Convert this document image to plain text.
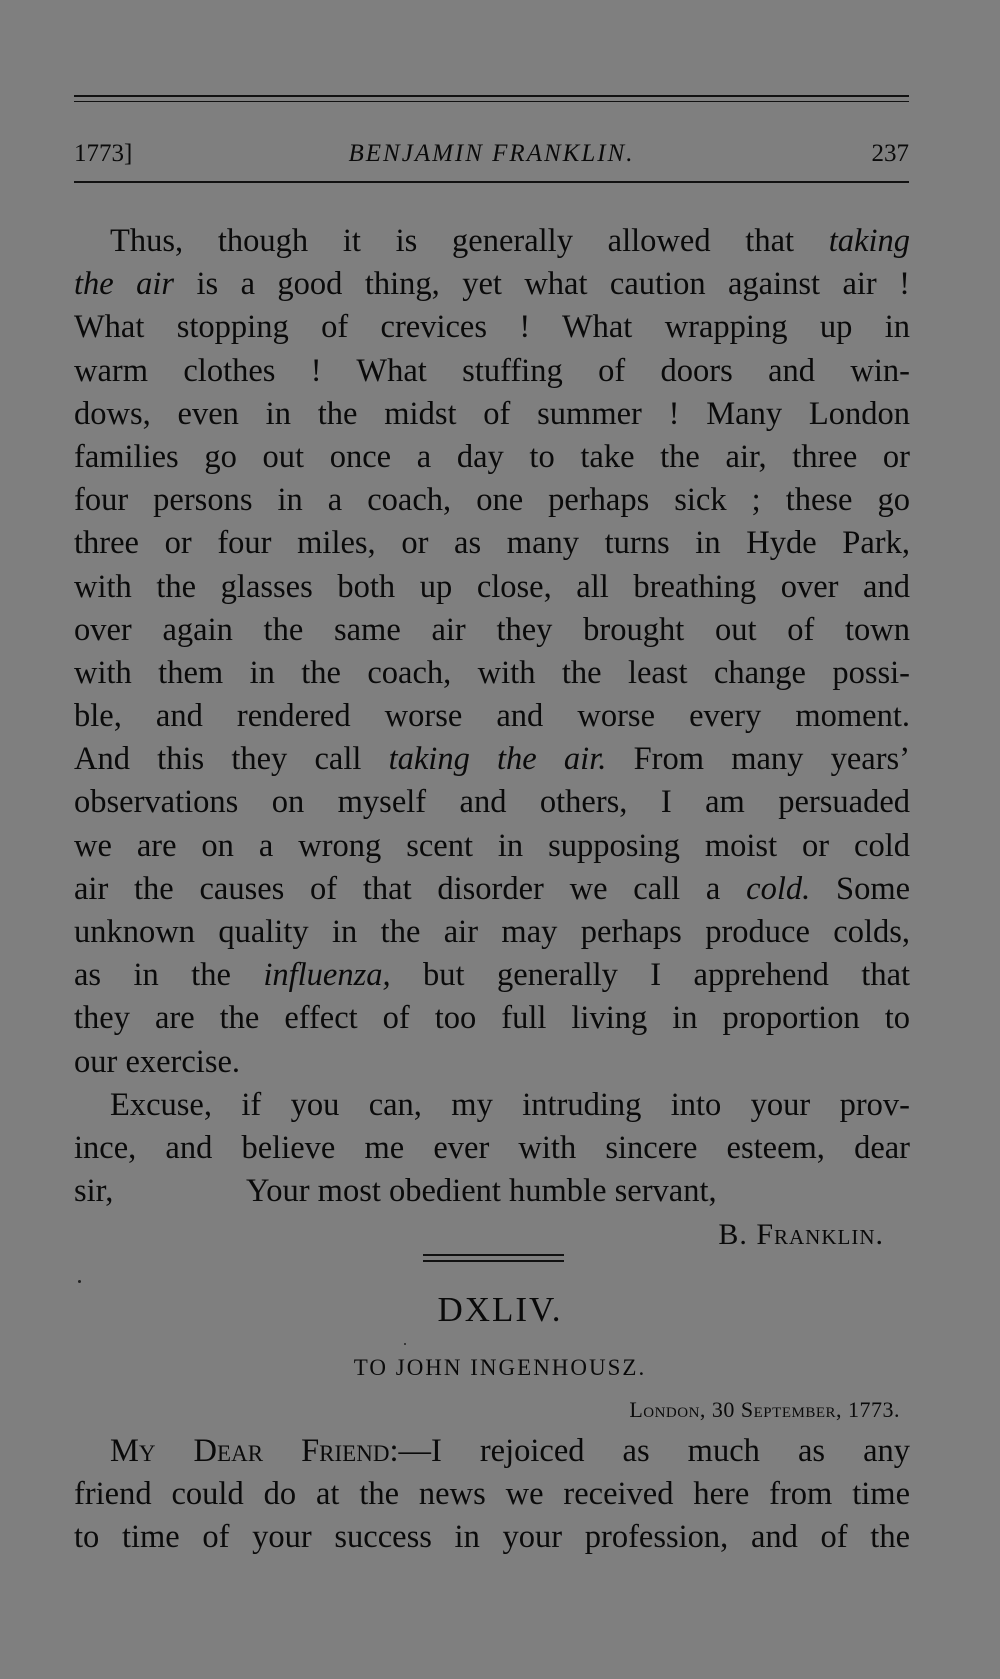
1773]	BENJAMIN FRANKLIN.	237
Thus, though it is generally allowed that taking
the air is a good thing, yet what caution against air !
What stopping of crevices ! What wrapping up in
warm clothes ! What stuffing of doors and win-
dows, even in the midst of summer ! Many London
families go out once a day to take the air, three or
four persons in a coach, one perhaps sick ; these go
three or four miles, or as many turns in Hyde Park,
with the glasses both up close, all breathing over and
over again the same air they brought out of town
with them in the coach, with the least change possi-
ble, and rendered worse and worse every moment.
And this they call taking the air. From many years’
observations on myself and others, I am persuaded
we are on a wrong scent in supposing moist or cold
air the causes of that disorder we call a cold. Some
unknown quality in the air may perhaps produce colds,
as in the influenza, but generally I apprehend that
they are the effect of too full living in proportion to
our exercise.
Excuse, if you can, my intruding into your prov-
ince, and believe me ever with sincere esteem, dear
sir,	Your most obedient humble servant,
B. Franklin.
DXLIV.
TO JOHN INGENHOUSZ.
London, 30 September, 1773.
My Dear Friend:—I rejoiced as much as any
friend could do at the news we received here from time
to time of your success in your profession, and of the
